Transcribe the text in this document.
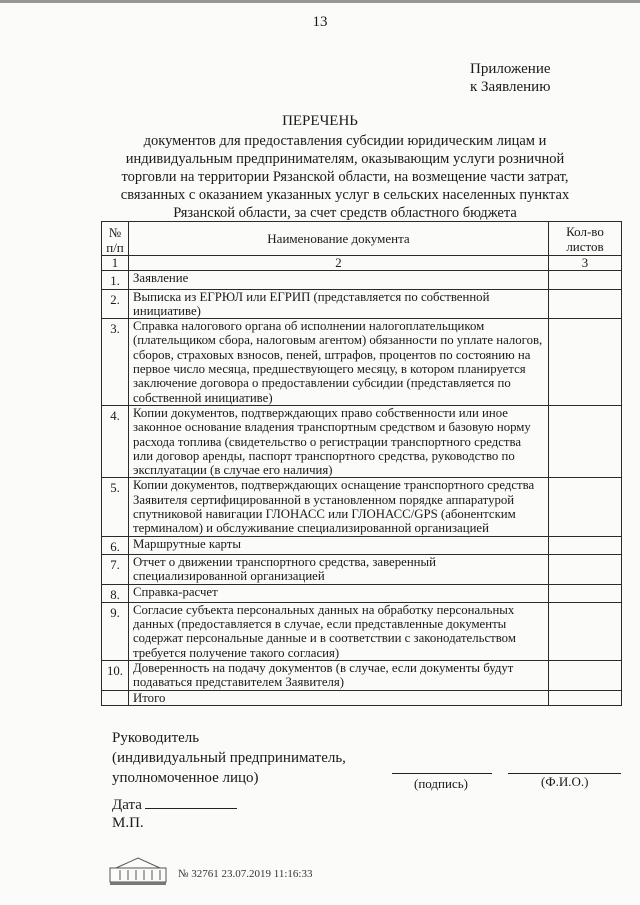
13
Приложение
к Заявлению
ПЕРЕЧЕНЬ
документов для предоставления субсидии юридическим лицам и индивидуальным предпринимателям, оказывающим услуги розничной торговли на территории Рязанской области, на возмещение части затрат, связанных с оказанием указанных услуг в сельских населенных пунктах Рязанской области, за счет средств областного бюджета
№ п/п	Наименование документа	Кол-во листов
1	2	3
1.	Заявление	
2.	Выписка из ЕГРЮЛ или ЕГРИП (представляется по собственной инициативе)	
3.	Справка налогового органа об исполнении налогоплательщиком (плательщиком сбора, налоговым агентом) обязанности по уплате налогов, сборов, страховых взносов, пеней, штрафов, процентов по состоянию на первое число месяца, предшествующего месяцу, в котором планируется заключение договора о предоставлении субсидии (представляется по собственной инициативе)	
4.	Копии документов, подтверждающих право собственности или иное законное основание владения транспортным средством и базовую норму расхода топлива (свидетельство о регистрации транспортного средства или договор аренды, паспорт транспортного средства, руководство по эксплуатации (в случае его наличия)	
5.	Копии документов, подтверждающих оснащение транспортного средства Заявителя сертифицированной в установленном порядке аппаратурой спутниковой навигации ГЛОНАСС или ГЛОНАСС/GPS (абонентским терминалом) и обслуживание специализированной организацией	
6.	Маршрутные карты	
7.	Отчет о движении транспортного средства, заверенный специализированной организацией	
8.	Справка-расчет	
9.	Согласие субъекта персональных данных на обработку персональных данных (предоставляется в случае, если представленные документы содержат персональные данные и в соответствии с законодательством требуется получение такого согласия)	
10.	Доверенность на подачу документов (в случае, если документы будут подаваться представителем Заявителя)	
	Итого	
Руководитель
(индивидуальный предприниматель,
уполномоченное лицо)	(подпись)	(Ф.И.О.)
Дата
М.П.
№ 32761 23.07.2019 11:16:33
